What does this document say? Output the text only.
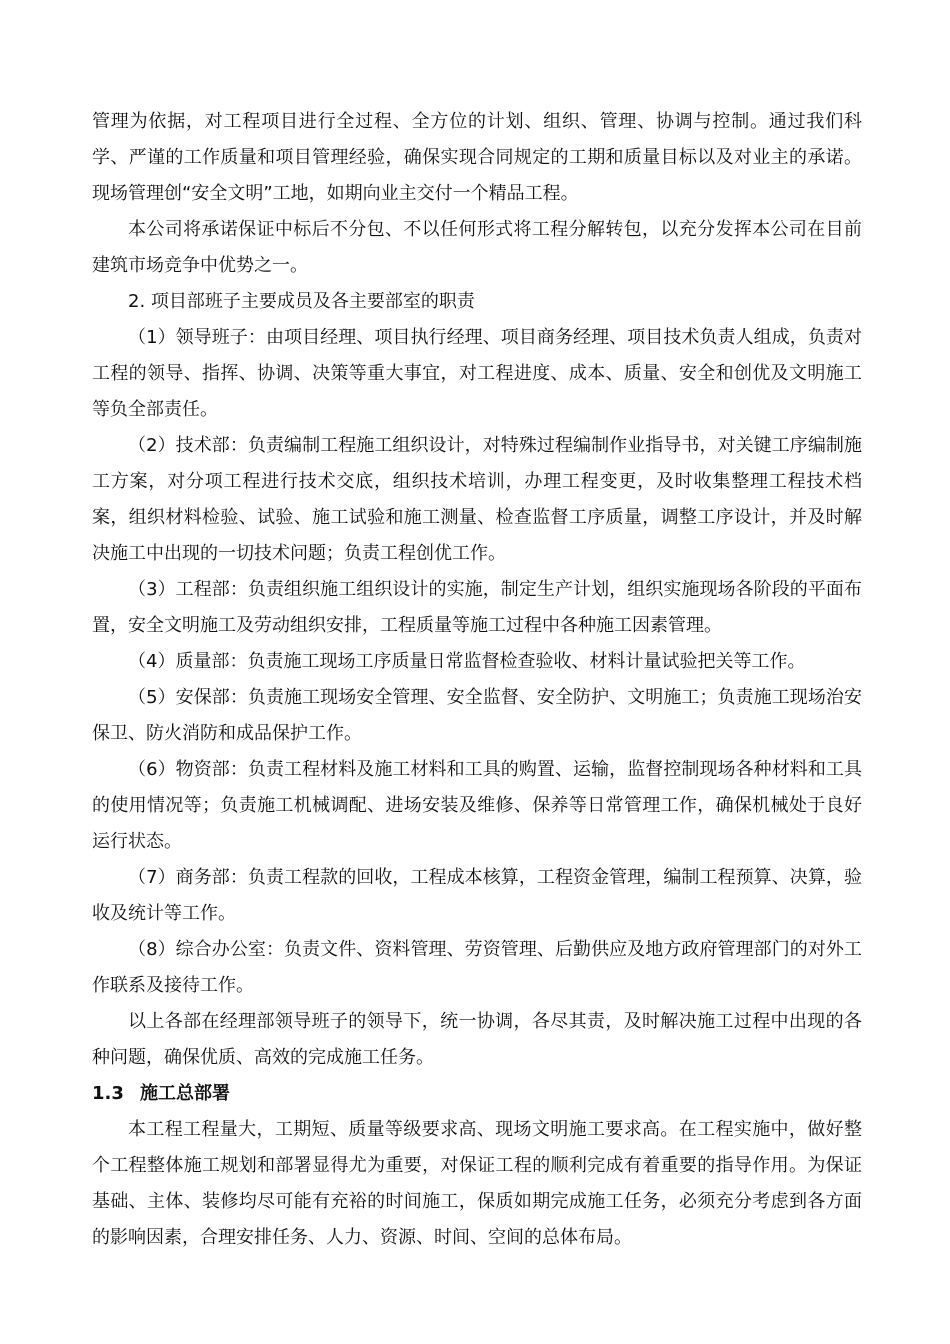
管理为依据，对工程项目进行全过程、全方位的计划、组织、管理、协调与控制。通过我们科学、严谨的工作质量和项目管理经验，确保实现合同规定的工期和质量目标以及对业主的承诺。现场管理创“安全文明”工地，如期向业主交付一个精品工程。

本公司将承诺保证中标后不分包、不以任何形式将工程分解转包，以充分发挥本公司在目前建筑市场竞争中优势之一。

2. 项目部班子主要成员及各主要部室的职责

（1）领导班子：由项目经理、项目执行经理、项目商务经理、项目技术负责人组成，负责对工程的领导、指挥、协调、决策等重大事宜，对工程进度、成本、质量、安全和创优及文明施工等负全部责任。

（2）技术部：负责编制工程施工组织设计，对特殊过程编制作业指导书，对关键工序编制施工方案，对分项工程进行技术交底，组织技术培训，办理工程变更，及时收集整理工程技术档案，组织材料检验、试验、施工试验和施工测量、检查监督工序质量，调整工序设计，并及时解决施工中出现的一切技术问题；负责工程创优工作。

（3）工程部：负责组织施工组织设计的实施，制定生产计划，组织实施现场各阶段的平面布置，安全文明施工及劳动组织安排，工程质量等施工过程中各种施工因素管理。

（4）质量部：负责施工现场工序质量日常监督检查验收、材料计量试验把关等工作。

（5）安保部：负责施工现场安全管理、安全监督、安全防护、文明施工；负责施工现场治安保卫、防火消防和成品保护工作。

（6）物资部：负责工程材料及施工材料和工具的购置、运输，监督控制现场各种材料和工具的使用情况等；负责施工机械调配、进场安装及维修、保养等日常管理工作，确保机械处于良好运行状态。

（7）商务部：负责工程款的回收，工程成本核算，工程资金管理，编制工程预算、决算，验收及统计等工作。

（8）综合办公室：负责文件、资料管理、劳资管理、后勤供应及地方政府管理部门的对外工作联系及接待工作。

以上各部在经理部领导班子的领导下，统一协调，各尽其责，及时解决施工过程中出现的各种问题，确保优质、高效的完成施工任务。

1.3 施工总部署

本工程工程量大，工期短、质量等级要求高、现场文明施工要求高。在工程实施中，做好整个工程整体施工规划和部署显得尤为重要，对保证工程的顺利完成有着重要的指导作用。为保证基础、主体、装修均尽可能有充裕的时间施工，保质如期完成施工任务，必须充分考虑到各方面的影响因素，合理安排任务、人力、资源、时间、空间的总体布局。
